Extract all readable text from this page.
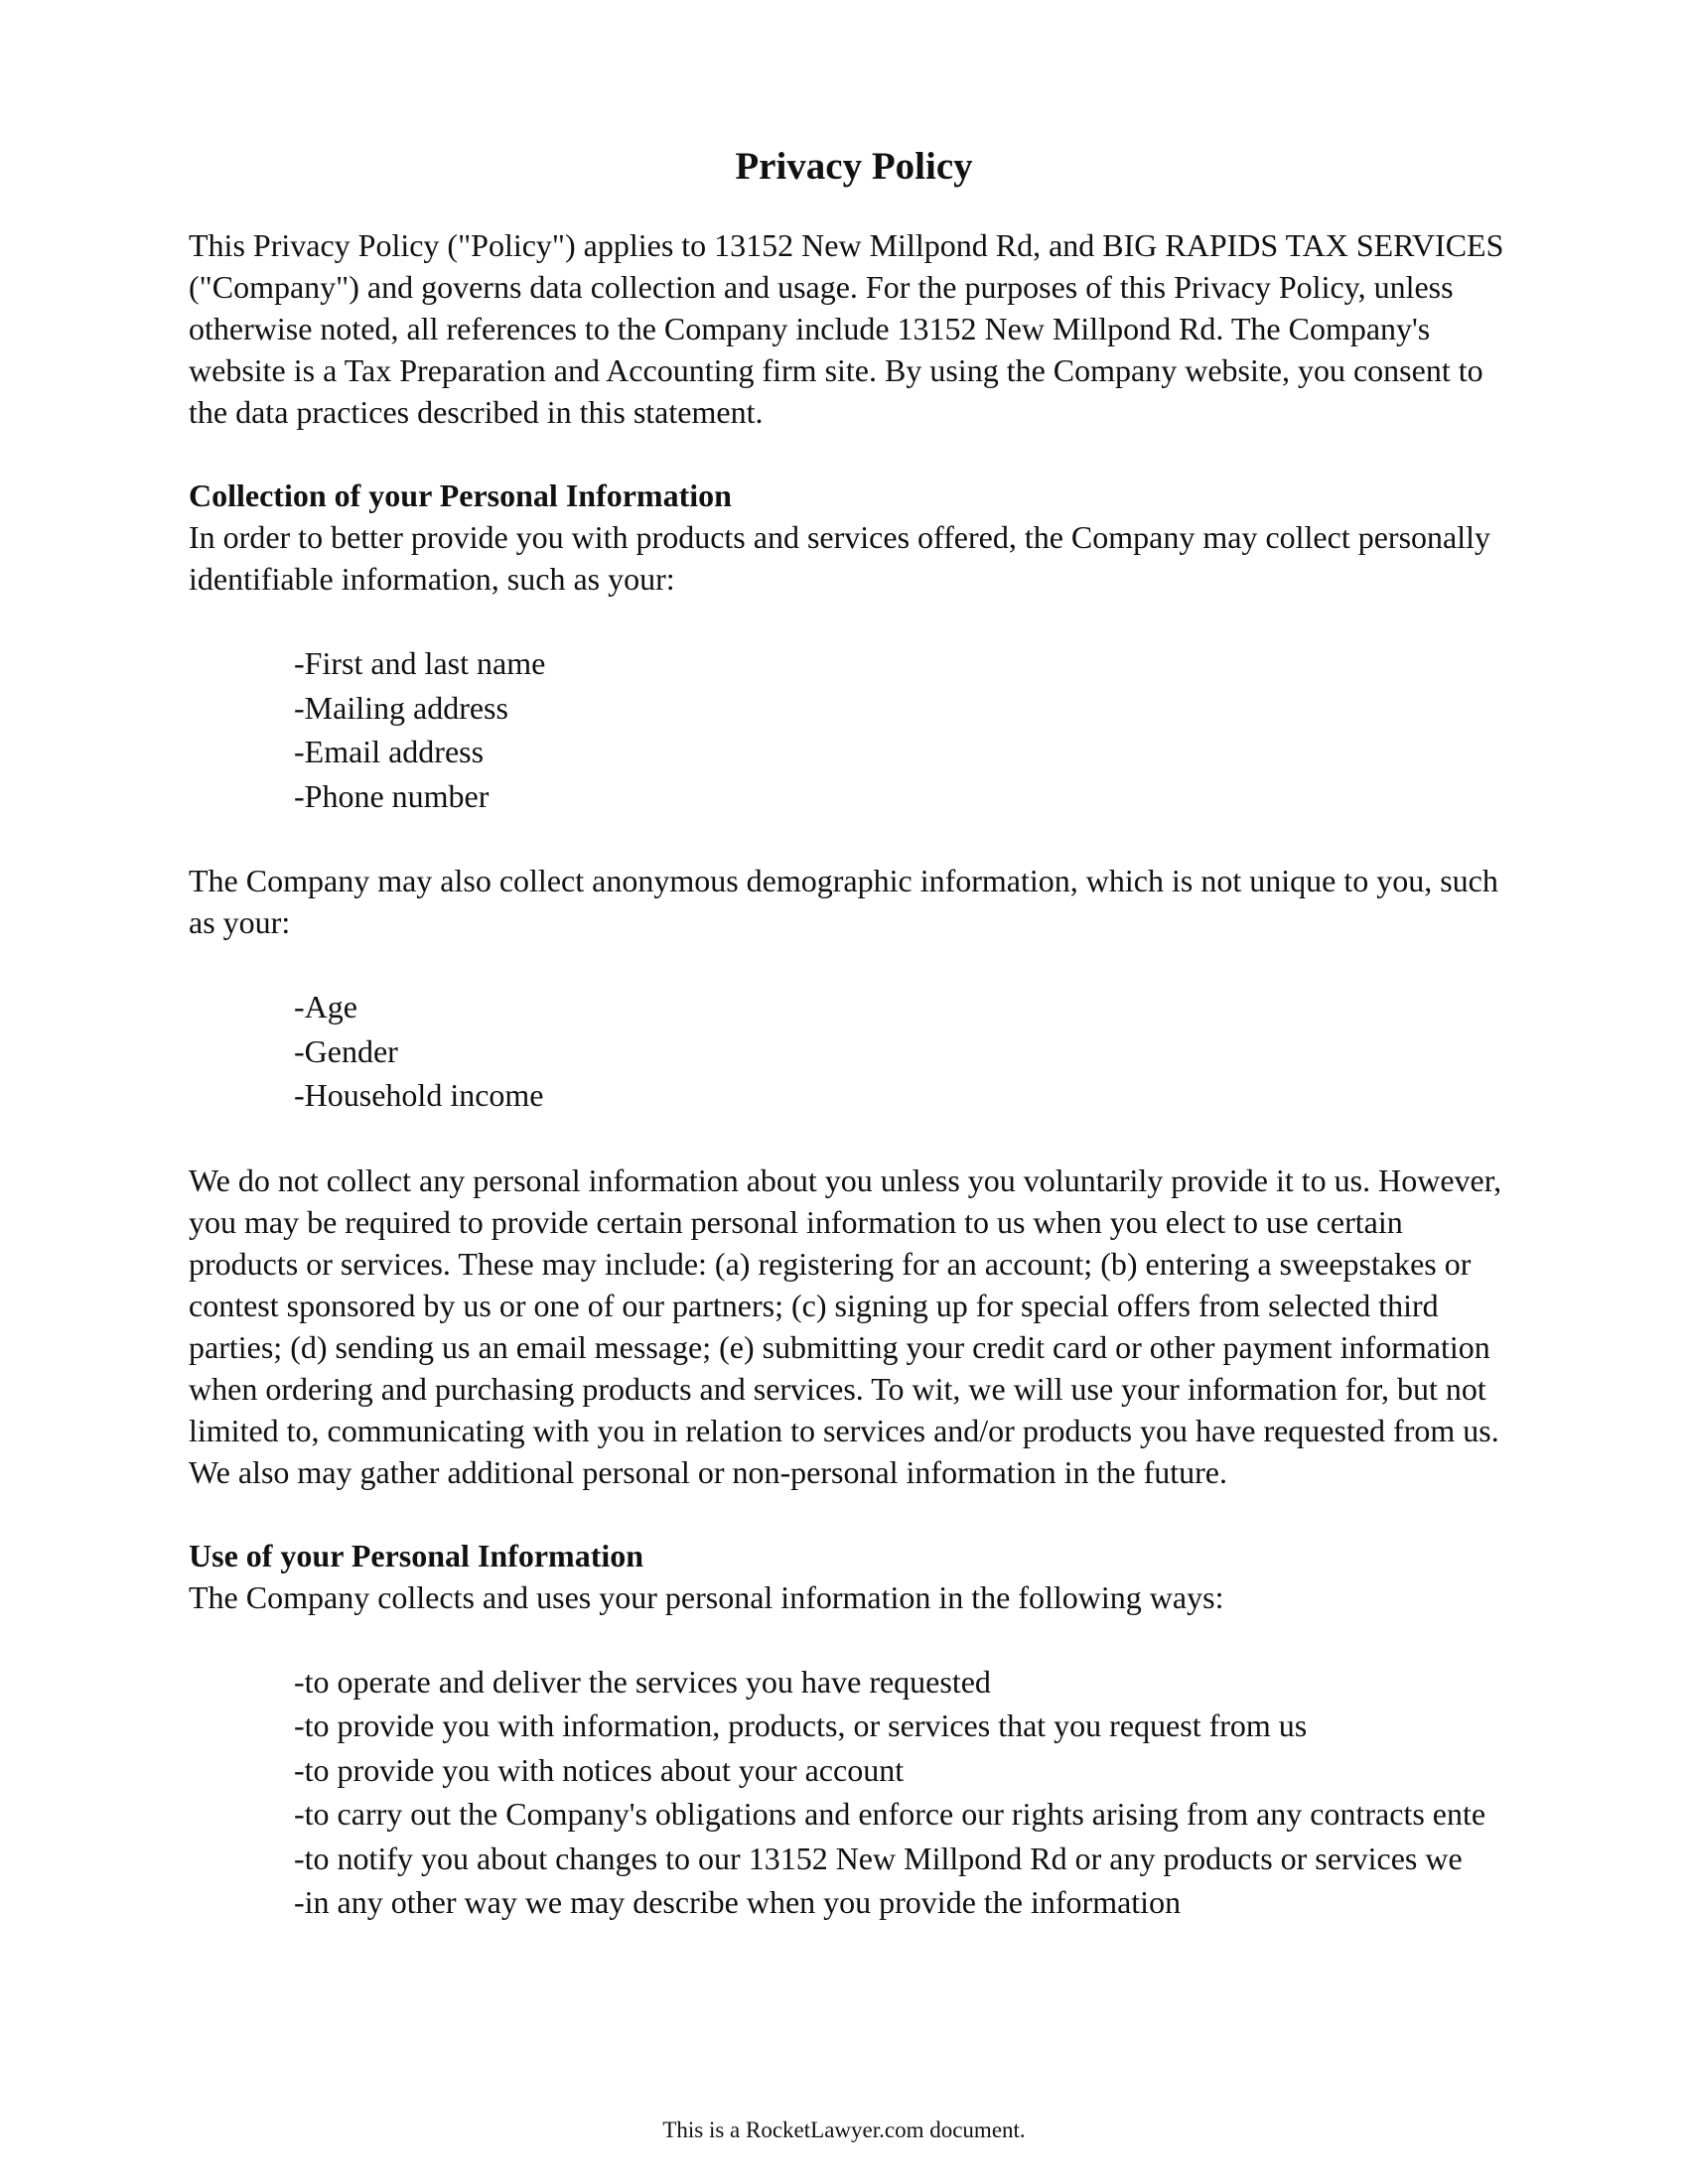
Privacy Policy

This Privacy Policy ("Policy") applies to 13152 New Millpond Rd, and BIG RAPIDS TAX SERVICES ("Company") and governs data collection and usage. For the purposes of this Privacy Policy, unless otherwise noted, all references to the Company include 13152 New Millpond Rd. The Company's website is a Tax Preparation and Accounting firm site. By using the Company website, you consent to the data practices described in this statement.

Collection of your Personal Information

In order to better provide you with products and services offered, the Company may collect personally identifiable information, such as your:

-First and last name
-Mailing address
-Email address
-Phone number

The Company may also collect anonymous demographic information, which is not unique to you, such as your:

-Age
-Gender
-Household income

We do not collect any personal information about you unless you voluntarily provide it to us. However, you may be required to provide certain personal information to us when you elect to use certain products or services. These may include: (a) registering for an account; (b) entering a sweepstakes or contest sponsored by us or one of our partners; (c) signing up for special offers from selected third parties; (d) sending us an email message; (e) submitting your credit card or other payment information when ordering and purchasing products and services. To wit, we will use your information for, but not limited to, communicating with you in relation to services and/or products you have requested from us. We also may gather additional personal or non-personal information in the future.

Use of your Personal Information

The Company collects and uses your personal information in the following ways:

-to operate and deliver the services you have requested
-to provide you with information, products, or services that you request from us
-to provide you with notices about your account
-to carry out the Company's obligations and enforce our rights arising from any contracts ente
-to notify you about changes to our 13152 New Millpond Rd or any products or services we
-in any other way we may describe when you provide the information
This is a RocketLawyer.com document.
